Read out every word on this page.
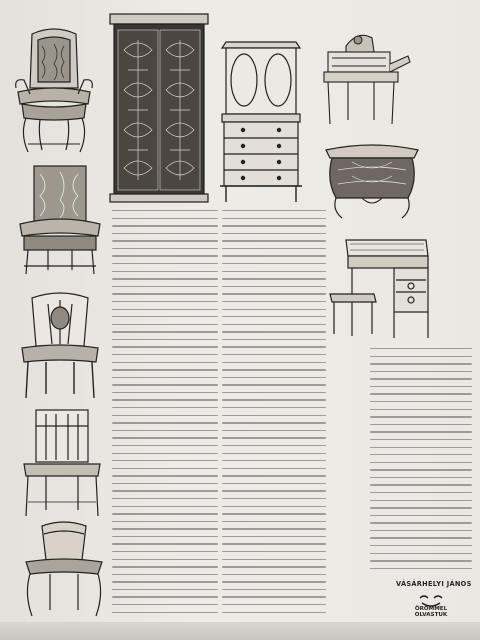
VÁSÁRHELYI JÁNOS
ÖRÖMMEL
OLVASTUK
